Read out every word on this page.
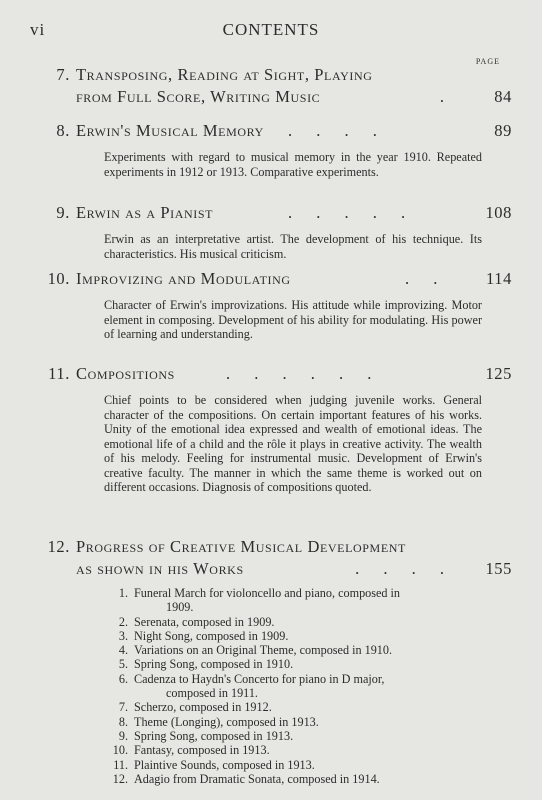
vi	CONTENTS
PAGE
7. Transposing, Reading at Sight, Playing
from Full Score, Writing Music	. 84
8. Erwin's Musical Memory . . . .	89
Experiments with regard to musical memory in the year 1910. Repeated experiments in 1912 or 1913. Comparative experiments.
9. Erwin as a Pianist	. . . . .	108
Erwin as an interpretative artist. The development of his technique. Its characteristics. His musical criticism.
10. Improvizing and Modulating	. . 114
Character of Erwin's improvizations. His attitude while improvizing. Motor element in composing. Development of his ability for modulating. His power of learning and understanding.
11. Compositions	. . . . . .	125
Chief points to be considered when judging juvenile works. General character of the compositions. On certain important features of his works. Unity of the emotional idea expressed and wealth of emotional ideas. The emotional life of a child and the rôle it plays in creative activity. The wealth of his melody. Feeling for instrumental music. Development of Erwin's creative faculty. The manner in which the same theme is worked out on different occasions. Diagnosis of compositions quoted.
12. Progress of Creative Musical Development
as shown in his Works	. . . . 155
1. Funeral March for violoncello and piano, composed in
1909.
2. Serenata, composed in 1909.
3. Night Song, composed in 1909.
4. Variations on an Original Theme, composed in 1910.
5. Spring Song, composed in 1910.
6. Cadenza to Haydn's Concerto for piano in D major,
composed in 1911.
7. Scherzo, composed in 1912.
8. Theme (Longing), composed in 1913.
9. Spring Song, composed in 1913.
10. Fantasy, composed in 1913.
11. Plaintive Sounds, composed in 1913.
12. Adagio from Dramatic Sonata, composed in 1914.
